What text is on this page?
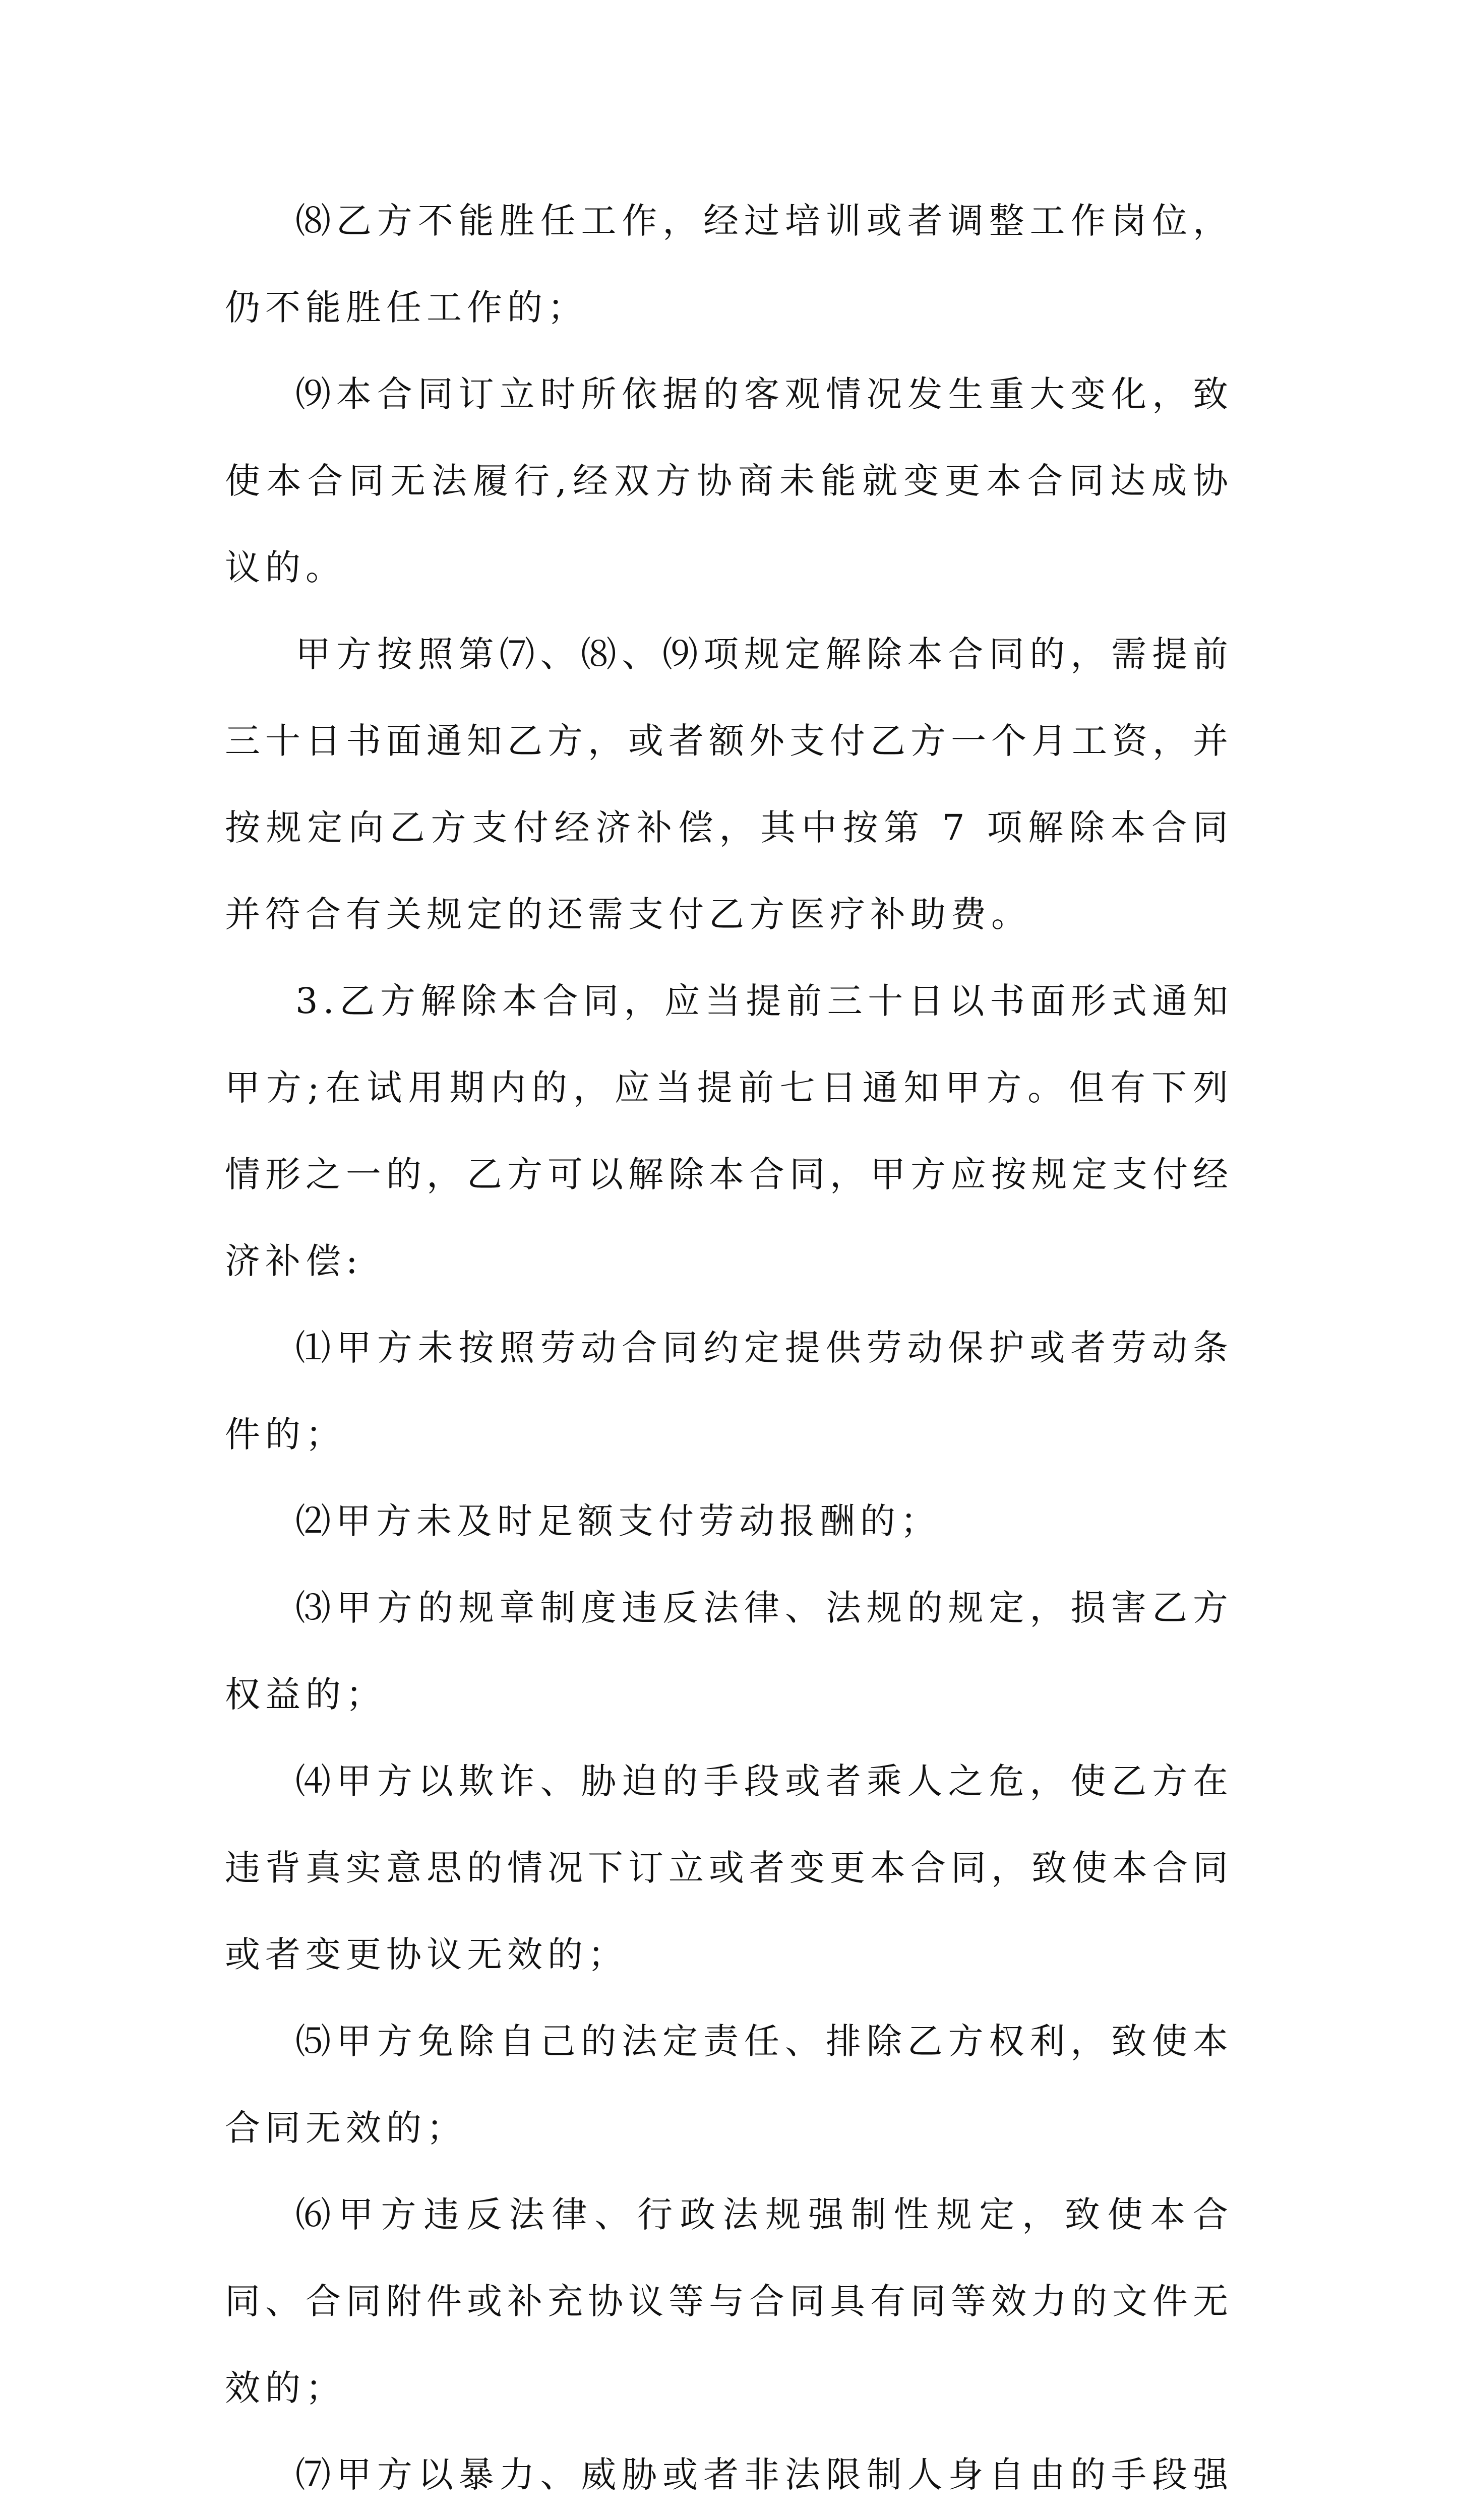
⑻乙方不能胜任工作，经过培训或者调整工作岗位，仍不能胜任工作的；

⑼本合同订立时所依据的客观情况发生重大变化，致使本合同无法履行,经双方协商未能就变更本合同达成协议的。

甲方按照第⑺、⑻、⑼项规定解除本合同的，需提前三十日书面通知乙方，或者额外支付乙方一个月工资，并按规定向乙方支付经济补偿，其中按第 7 项解除本合同并符合有关规定的还需支付乙方医疗补助费。

3.乙方解除本合同，应当提前三十日以书面形式通知甲方;在试用期内的，应当提前七日通知甲方。但有下列情形之一的，乙方可以解除本合同，甲方应按规定支付经济补偿:

⑴甲方未按照劳动合同约定提供劳动保护或者劳动条件的；

⑵甲方未及时足额支付劳动报酬的；

⑶甲方的规章制度违反法律、法规的规定，损害乙方权益的；

⑷甲方以欺诈、胁迫的手段或者乘人之危，使乙方在违背真实意思的情况下订立或者变更本合同，致使本合同或者变更协议无效的；

⑸甲方免除自己的法定责任、排除乙方权利，致使本合同无效的；

⑹甲方违反法律、行政法规强制性规定，致使本合同、合同附件或补充协议等与合同具有同等效力的文件无效的；

⑺甲方以暴力、威胁或者非法限制人身自由的手段强
